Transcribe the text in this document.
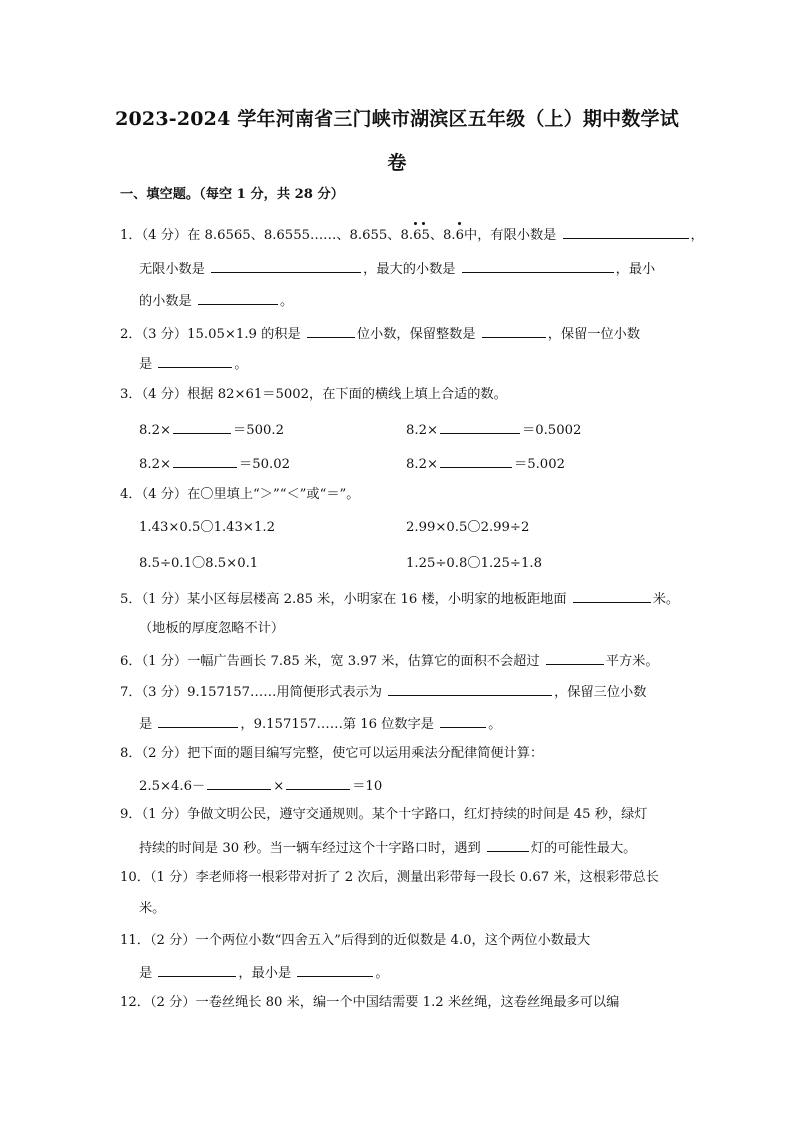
2023-2024 学年河南省三门峡市湖滨区五年级（上）期中数学试
卷
一、填空题。（每空 1 分，共 28 分）
1．（4 分）在 8.6565、8.6555……、8.655、8.
65、8.
6中，有限小数是	，
无限小数是	，最大的小数是	，最小
的小数是	。
2．（3 分）15.05×1.9 的积是	位小数，保留整数是	，保留一位小数
是	。
3．（4 分）根据 82×61＝5002，在下面的横线上填上合适的数。
8.2×	＝500.2	8.2×	＝0.5002
8.2×	＝50.02	8.2×	＝5.002
4．（4 分）在〇里填上“＞”“＜”或“＝”。
1.43×0.5〇1.43×1.2	2.99×0.5〇2.99÷2
8.5÷0.1〇8.5×0.1	1.25÷0.8〇1.25÷1.8
5．（1 分）某小区每层楼高 2.85 米，小明家在 16 楼，小明家的地板距地面	米。
（地板的厚度忽略不计）
6．（1 分）一幅广告画长 7.85 米，宽 3.97 米，估算它的面积不会超过	平方米。
7．（3 分）9.157157……用简便形式表示为	，保留三位小数
是	，9.157157……第 16 位数字是	。
8．（2 分）把下面的题目编写完整，使它可以运用乘法分配律简便计算：
2.5×4.6－	×	＝10
9．（1 分）争做文明公民，遵守交通规则。某个十字路口，红灯持续的时间是 45 秒，绿灯
持续的时间是 30 秒。当一辆车经过这个十字路口时，遇到	灯的可能性最大。
10．（1 分）李老师将一根彩带对折了 2 次后，测量出彩带每一段长 0.67 米，这根彩带总长
米。
11．（2 分）一个两位小数“四舍五入”后得到的近似数是 4.0，这个两位小数最大
是	，最小是	。
12．（2 分）一卷丝绳长 80 米，编一个中国结需要 1.2 米丝绳，这卷丝绳最多可以编
